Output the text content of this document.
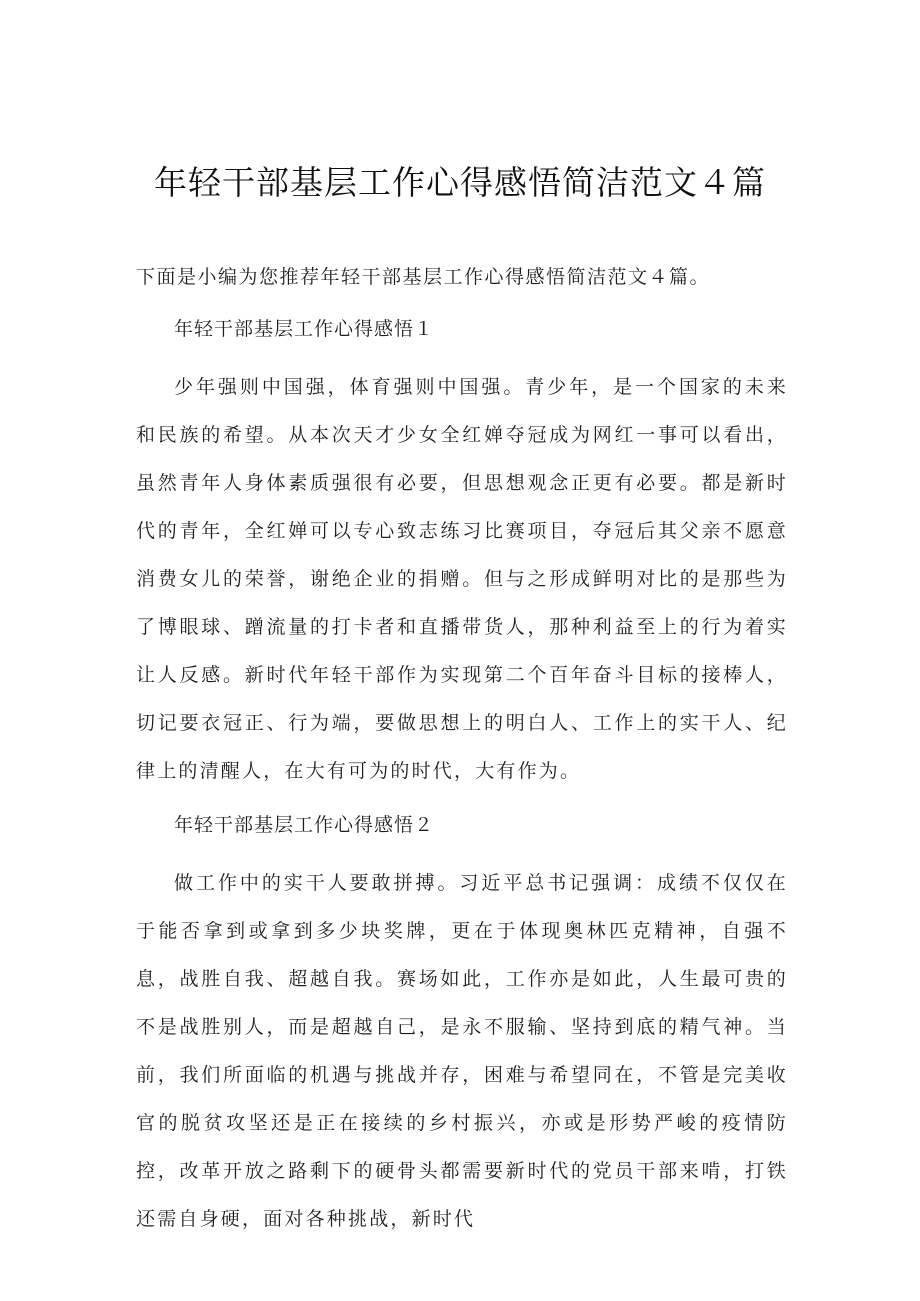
年轻干部基层工作心得感悟简洁范文４篇

下面是小编为您推荐年轻干部基层工作心得感悟简洁范文４篇。

年轻干部基层工作心得感悟１

少年强则中国强，体育强则中国强。青少年，是一个国家的未来和民族的希望。从本次天才少女全红婵夺冠成为网红一事可以看出，虽然青年人身体素质强很有必要，但思想观念正更有必要。都是新时代的青年，全红婵可以专心致志练习比赛项目，夺冠后其父亲不愿意消费女儿的荣誉，谢绝企业的捐赠。但与之形成鲜明对比的是那些为了博眼球、蹭流量的打卡者和直播带货人，那种利益至上的行为着实让人反感。新时代年轻干部作为实现第二个百年奋斗目标的接棒人，切记要衣冠正、行为端，要做思想上的明白人、工作上的实干人、纪律上的清醒人，在大有可为的时代，大有作为。

年轻干部基层工作心得感悟２

做工作中的实干人要敢拼搏。习近平总书记强调：成绩不仅仅在于能否拿到或拿到多少块奖牌，更在于体现奥林匹克精神，自强不息，战胜自我、超越自我。赛场如此，工作亦是如此，人生最可贵的不是战胜别人，而是超越自己，是永不服输、坚持到底的精气神。当前，我们所面临的机遇与挑战并存，困难与希望同在，不管是完美收官的脱贫攻坚还是正在接续的乡村振兴，亦或是形势严峻的疫情防控，改革开放之路剩下的硬骨头都需要新时代的党员干部来啃，打铁还需自身硬，面对各种挑战，新时代
